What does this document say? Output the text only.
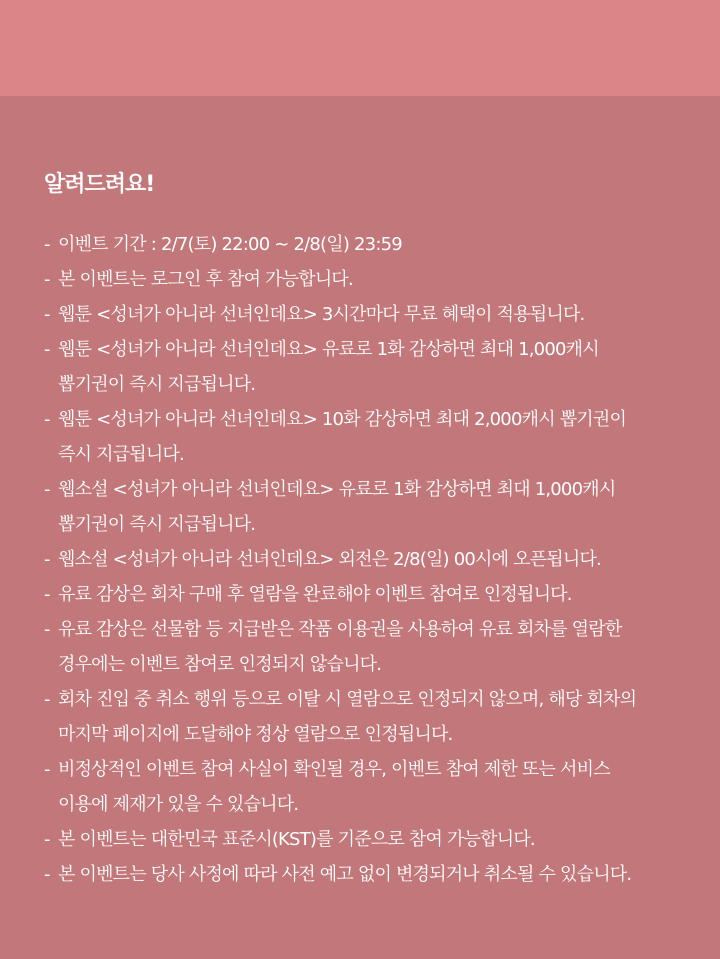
알려드려요!
- 이벤트 기간 : 2/7(토) 22:00 ~ 2/8(일) 23:59
- 본 이벤트는 로그인 후 참여 가능합니다.
- 웹툰 <성녀가 아니라 선녀인데요> 3시간마다 무료 혜택이 적용됩니다.
- 웹툰 <성녀가 아니라 선녀인데요> 유료로 1화 감상하면 최대 1,000캐시
뽑기권이 즉시 지급됩니다.
- 웹툰 <성녀가 아니라 선녀인데요> 10화 감상하면 최대 2,000캐시 뽑기권이
즉시 지급됩니다.
- 웹소설 <성녀가 아니라 선녀인데요> 유료로 1화 감상하면 최대 1,000캐시
뽑기권이 즉시 지급됩니다.
- 웹소설 <성녀가 아니라 선녀인데요> 외전은 2/8(일) 00시에 오픈됩니다.
- 유료 감상은 회차 구매 후 열람을 완료해야 이벤트 참여로 인정됩니다.
- 유료 감상은 선물함 등 지급받은 작품 이용권을 사용하여 유료 회차를 열람한
경우에는 이벤트 참여로 인정되지 않습니다.
- 회차 진입 중 취소 행위 등으로 이탈 시 열람으로 인정되지 않으며, 해당 회차의
마지막 페이지에 도달해야 정상 열람으로 인정됩니다.
- 비정상적인 이벤트 참여 사실이 확인될 경우, 이벤트 참여 제한 또는 서비스
이용에 제재가 있을 수 있습니다.
- 본 이벤트는 대한민국 표준시(KST)를 기준으로 참여 가능합니다.
- 본 이벤트는 당사 사정에 따라 사전 예고 없이 변경되거나 취소될 수 있습니다.
